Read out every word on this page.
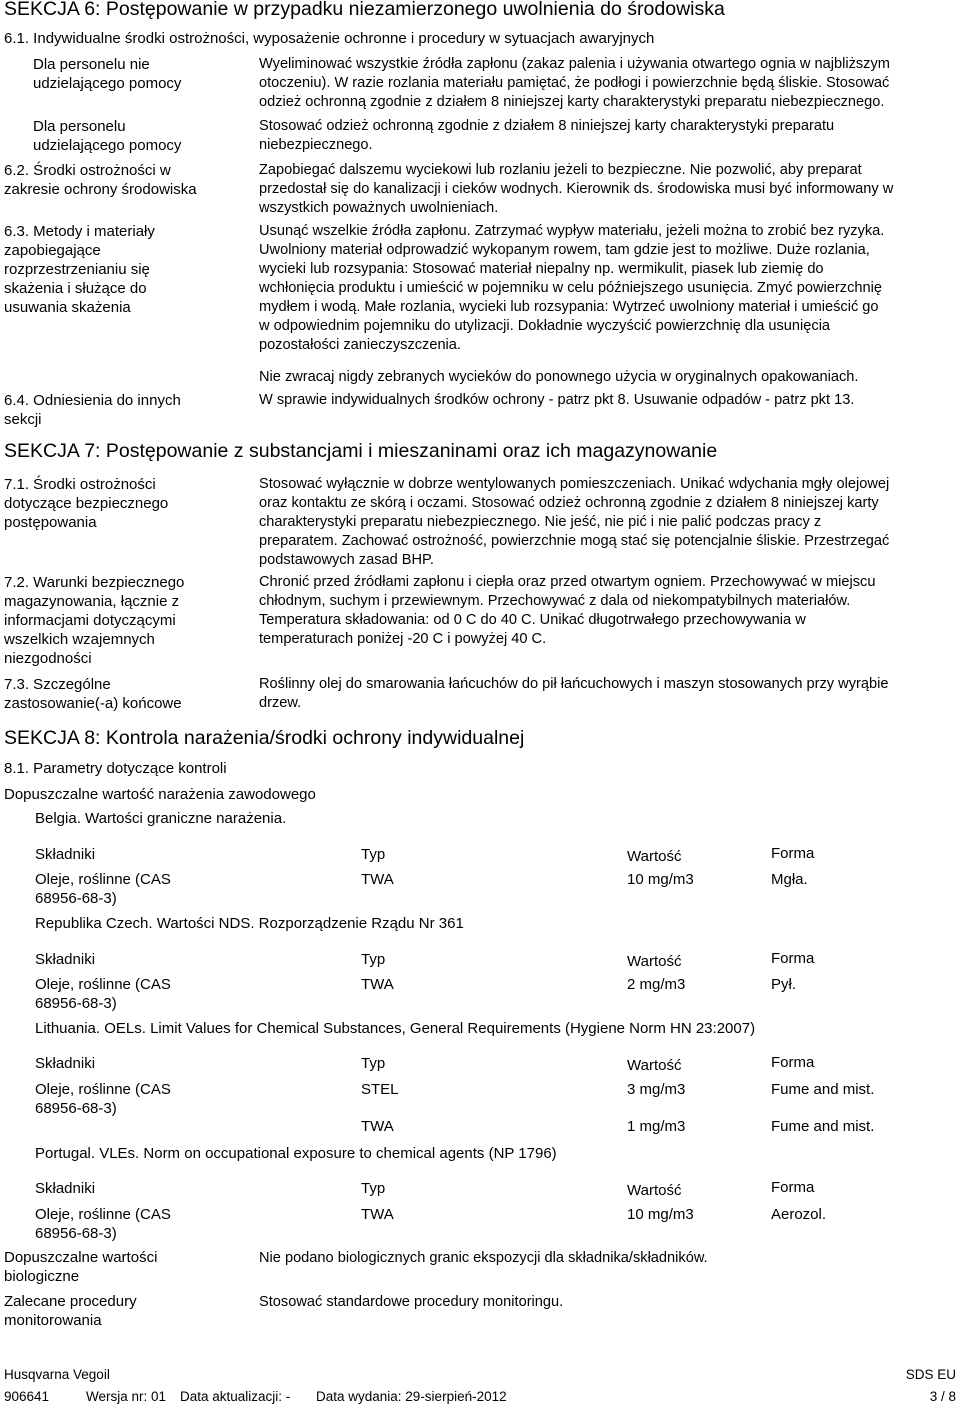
SEKCJA 6: Postępowanie w przypadku niezamierzonego uwolnienia do środowiska
6.1. Indywidualne środki ostrożności, wyposażenie ochronne i procedury w sytuacjach awaryjnych
Dla personelu nie
udzielającego pomocy
Wyeliminować wszystkie źródła zapłonu (zakaz palenia i używania otwartego ognia w najbliższym
otoczeniu). W razie rozlania materiału pamiętać, że podłogi i powierzchnie będą śliskie. Stosować
odzież ochronną zgodnie z działem 8 niniejszej karty charakterystyki preparatu niebezpiecznego.
Dla personelu
udzielającego pomocy
Stosować odzież ochronną zgodnie z działem 8 niniejszej karty charakterystyki preparatu
niebezpiecznego.
6.2. Środki ostrożności w
zakresie ochrony środowiska
Zapobiegać dalszemu wyciekowi lub rozlaniu jeżeli to bezpieczne. Nie pozwolić, aby preparat
przedostał się do kanalizacji i cieków wodnych. Kierownik ds. środowiska musi być informowany w
wszystkich poważnych uwolnieniach.
6.3. Metody i materiały
zapobiegające
rozprzestrzenianiu się
skażenia i służące do
usuwania skażenia
Usunąć wszelkie źródła zapłonu. Zatrzymać wypływ materiału, jeżeli można to zrobić bez ryzyka.
Uwolniony materiał odprowadzić wykopanym rowem, tam gdzie jest to możliwe. Duże rozlania,
wycieki lub rozsypania: Stosować materiał niepalny np. wermikulit, piasek lub ziemię do
wchłonięcia produktu i umieścić w pojemniku w celu późniejszego usunięcia. Zmyć powierzchnię
mydłem i wodą. Małe rozlania, wycieki lub rozsypania: Wytrzeć uwolniony materiał i umieścić go
w odpowiednim pojemniku do utylizacji. Dokładnie wyczyścić powierzchnię dla usunięcia
pozostałości zanieczyszczenia.
Nie zwracaj nigdy zebranych wycieków do ponownego użycia w oryginalnych opakowaniach.
6.4. Odniesienia do innych
sekcji
W sprawie indywidualnych środków ochrony - patrz pkt 8. Usuwanie odpadów - patrz pkt 13.
SEKCJA 7: Postępowanie z substancjami i mieszaninami oraz ich magazynowanie
7.1. Środki ostrożności
dotyczące bezpiecznego
postępowania
Stosować wyłącznie w dobrze wentylowanych pomieszczeniach. Unikać wdychania mgły olejowej
oraz kontaktu ze skórą i oczami. Stosować odzież ochronną zgodnie z działem 8 niniejszej karty
charakterystyki preparatu niebezpiecznego. Nie jeść, nie pić i nie palić podczas pracy z
preparatem. Zachować ostrożność, powierzchnie mogą stać się potencjalnie śliskie. Przestrzegać
podstawowych zasad BHP.
7.2. Warunki bezpiecznego
magazynowania, łącznie z
informacjami dotyczącymi
wszelkich wzajemnych
niezgodności
Chronić przed źródłami zapłonu i ciepła oraz przed otwartym ogniem. Przechowywać w miejscu
chłodnym, suchym i przewiewnym. Przechowywać z dala od niekompatybilnych materiałów.
Temperatura składowania: od 0 C do 40 C. Unikać długotrwałego przechowywania w
temperaturach poniżej -20 C i powyżej 40 C.
7.3. Szczególne
zastosowanie(-a) końcowe
Roślinny olej do smarowania łańcuchów do pił łańcuchowych i maszyn stosowanych przy wyrąbie
drzew.
SEKCJA 8: Kontrola narażenia/środki ochrony indywidualnej
8.1. Parametry dotyczące kontroli
Dopuszczalne wartość narażenia zawodowego
Belgia. Wartości graniczne narażenia.
Składniki	Typ	Wartość	Forma
Oleje, roślinne (CAS
68956-68-3)
TWA	10 mg/m3	Mgła.
Republika Czech. Wartości NDS. Rozporządzenie Rządu Nr 361
Składniki	Typ	Wartość	Forma
Oleje, roślinne (CAS
68956-68-3)
TWA	2 mg/m3	Pył.
Lithuania. OELs. Limit Values for Chemical Substances, General Requirements (Hygiene Norm HN 23:2007)
Składniki	Typ	Wartość	Forma
Oleje, roślinne (CAS
68956-68-3)
STEL	3 mg/m3	Fume and mist.
TWA	1 mg/m3	Fume and mist.
Portugal. VLEs. Norm on occupational exposure to chemical agents (NP 1796)
Składniki	Typ	Wartość	Forma
Oleje, roślinne (CAS
68956-68-3)
TWA	10 mg/m3	Aerozol.
Dopuszczalne wartości
biologiczne
Nie podano biologicznych granic ekspozycji dla składnika/składników.
Zalecane procedury
monitorowania
Stosować standardowe procedury monitoringu.
Husqvarna Vegoil
906641	Wersja nr: 01 Data aktualizacji: - Data wydania: 29-sierpień-2012
SDS EU
3 / 8
